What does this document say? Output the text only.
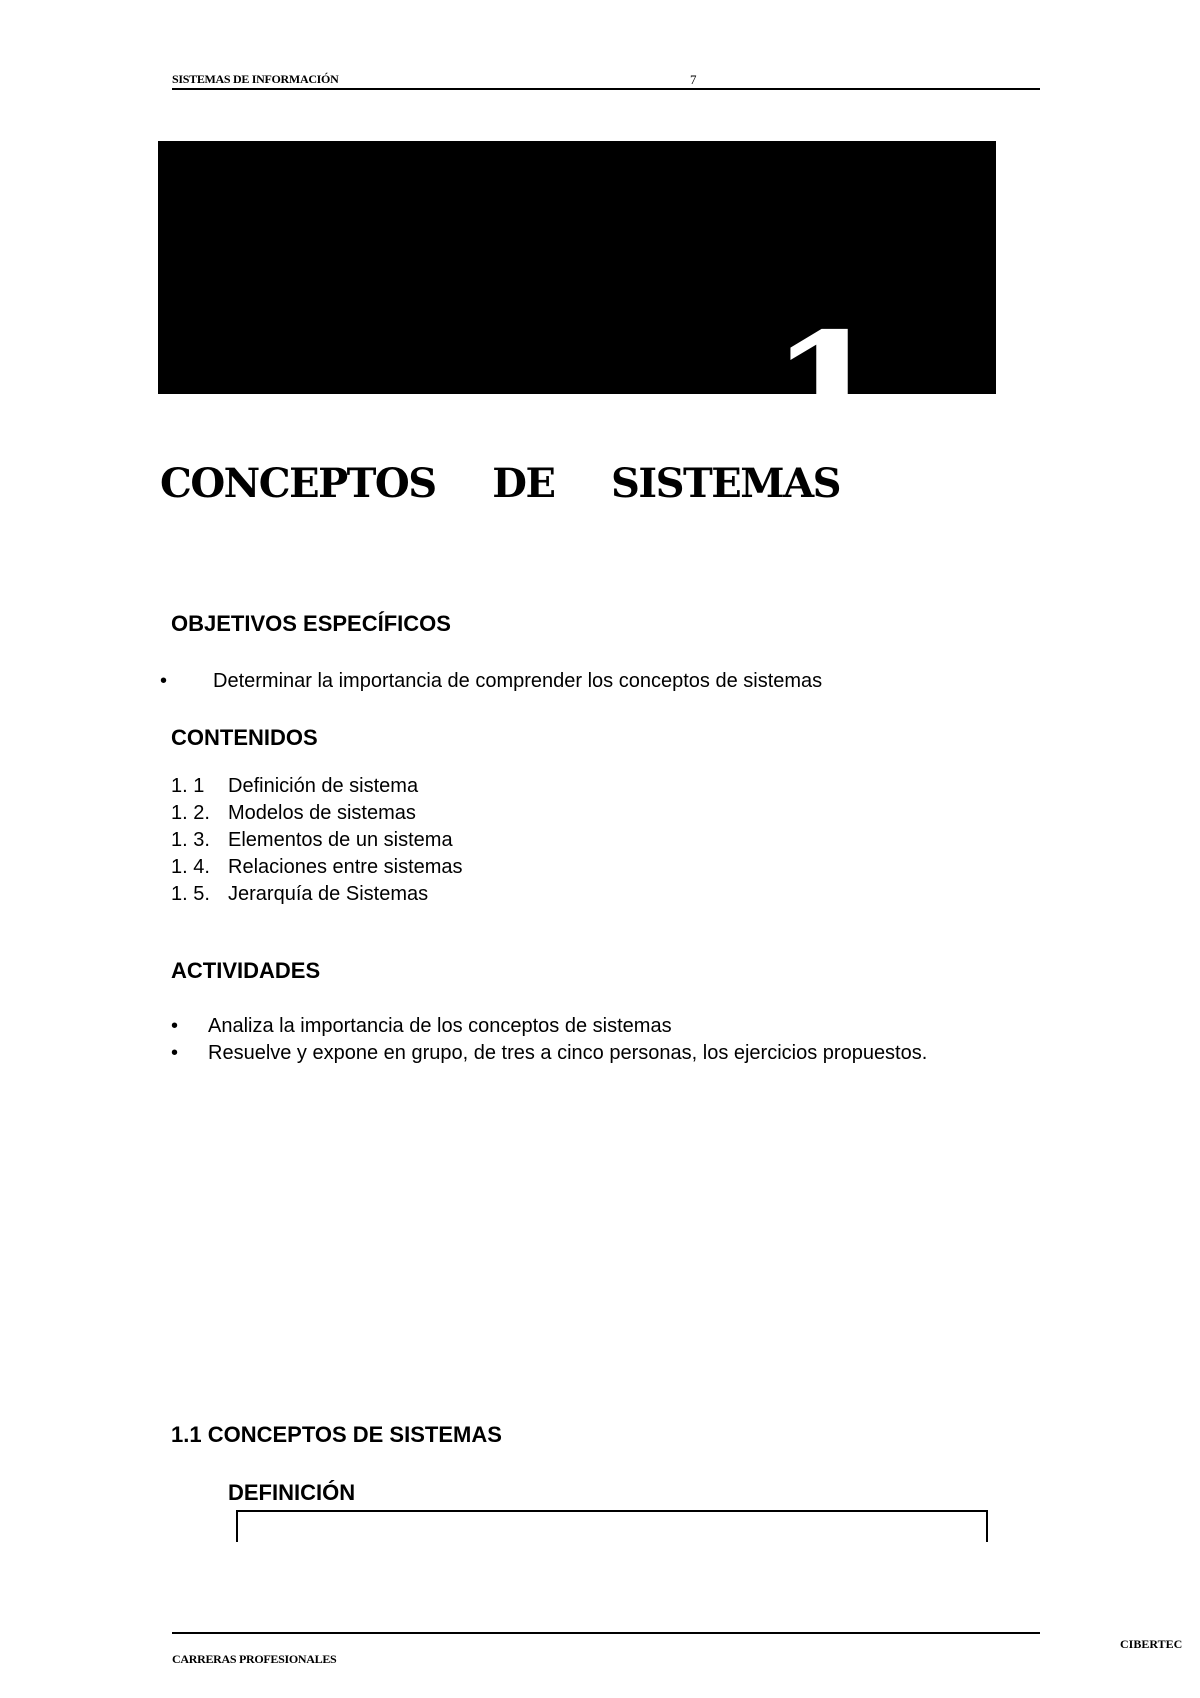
SISTEMAS DE INFORMACIÓN	7
1 SEMANA
CONCEPTOS DE SISTEMAS
OBJETIVOS ESPECÍFICOS
• Determinar la importancia de comprender los conceptos de sistemas
CONTENIDOS
1. 1	Definición de sistema
1. 2. Modelos de sistemas
1. 3. Elementos de un sistema
1. 4. Relaciones entre sistemas
1. 5. Jerarquía de Sistemas
ACTIVIDADES
•	Analiza la importancia de los conceptos de sistemas
•	Resuelve y expone en grupo, de tres a cinco personas, los ejercicios propuestos.
1.1 CONCEPTOS DE SISTEMAS
DEFINICIÓN
CARRERAS PROFESIONALES
CIBERTEC
